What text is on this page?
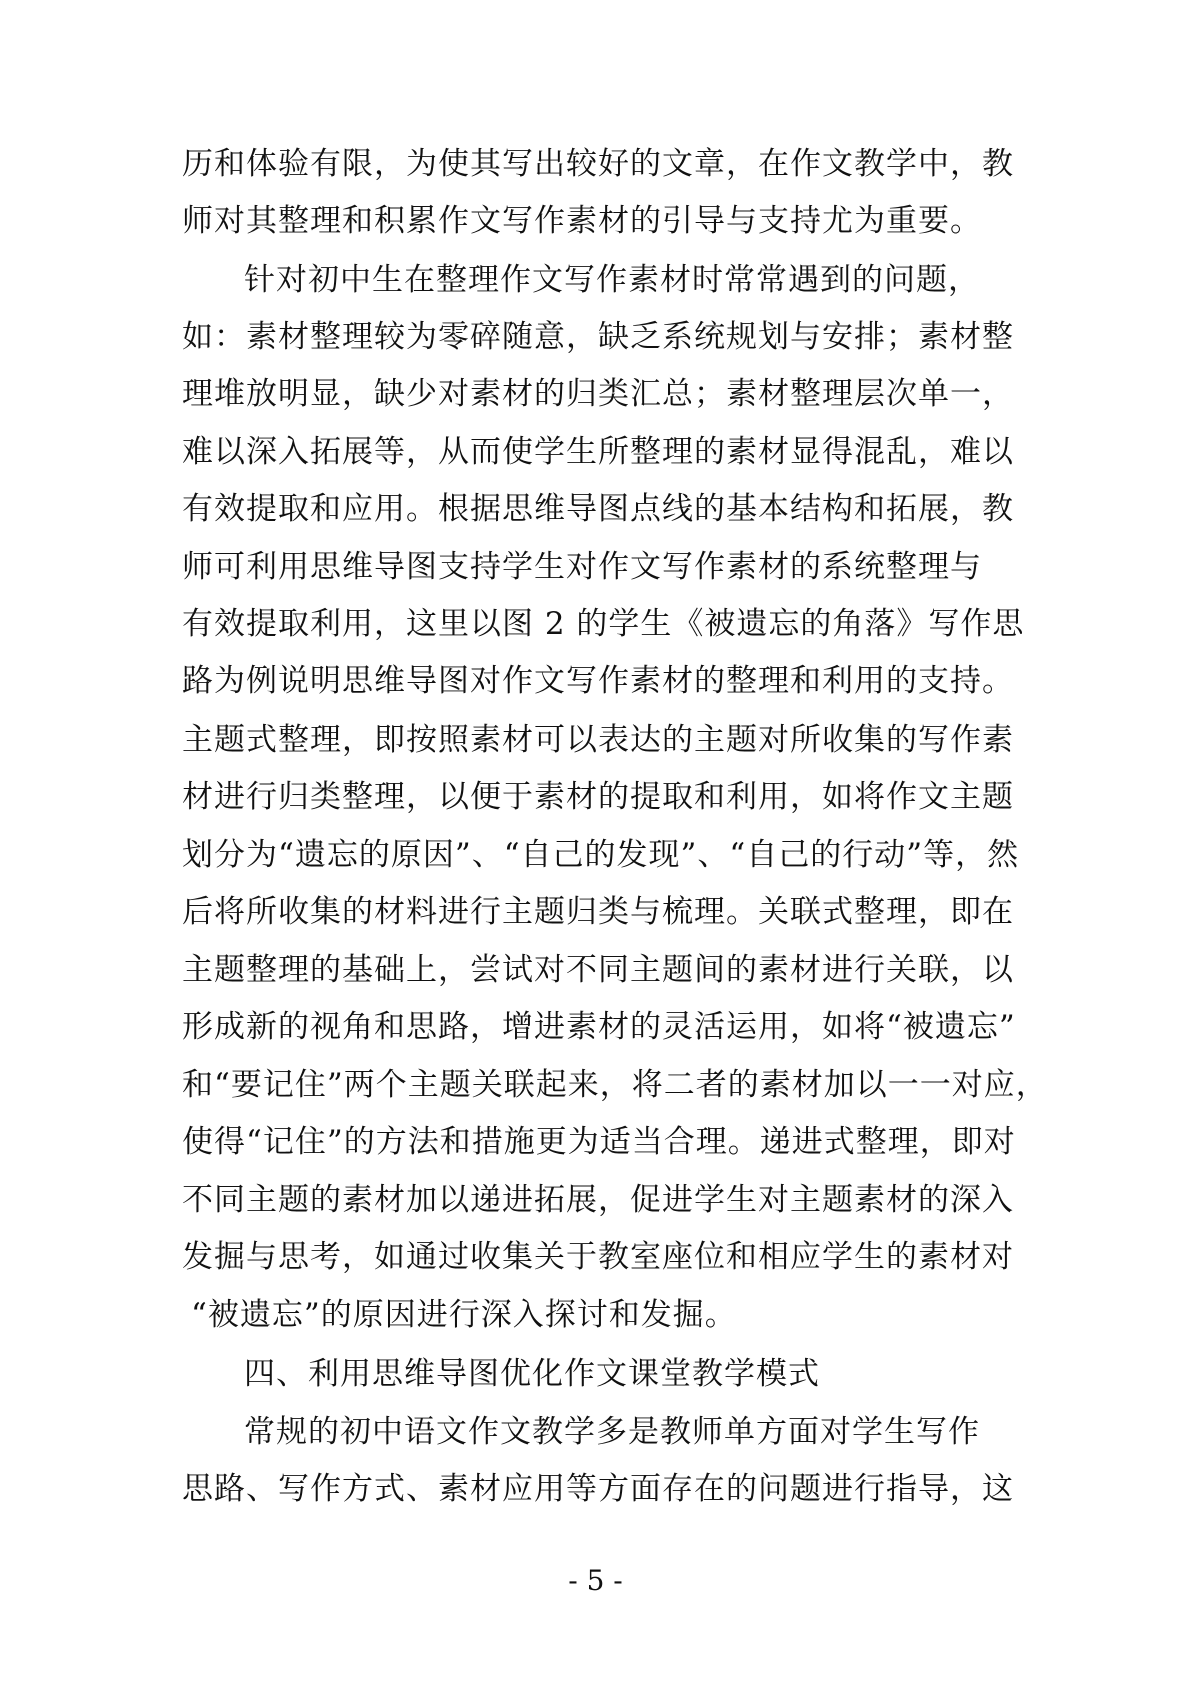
历和体验有限，为使其写出较好的文章，在作文教学中，教
师对其整理和积累作文写作素材的引导与支持尤为重要。
针对初中生在整理作文写作素材时常常遇到的问题，
如：素材整理较为零碎随意，缺乏系统规划与安排；素材整
理堆放明显，缺少对素材的归类汇总；素材整理层次单一，
难以深入拓展等，从而使学生所整理的素材显得混乱，难以
有效提取和应用。根据思维导图点线的基本结构和拓展，教
师可利用思维导图支持学生对作文写作素材的系统整理与
有效提取利用，这里以图 2 的学生《被遗忘的角落》写作思
路为例说明思维导图对作文写作素材的整理和利用的支持。
主题式整理，即按照素材可以表达的主题对所收集的写作素
材进行归类整理，以便于素材的提取和利用，如将作文主题
划分为“遗忘的原因”、“自己的发现”、“自己的行动”等，然
后将所收集的材料进行主题归类与梳理。关联式整理，即在
主题整理的基础上，尝试对不同主题间的素材进行关联，以
形成新的视角和思路，增进素材的灵活运用，如将“被遗忘”
和“要记住”两个主题关联起来，将二者的素材加以一一对应，
使得“记住”的方法和措施更为适当合理。递进式整理，即对
不同主题的素材加以递进拓展，促进学生对主题素材的深入
发掘与思考，如通过收集关于教室座位和相应学生的素材对
“被遗忘”的原因进行深入探讨和发掘。
四、利用思维导图优化作文课堂教学模式
常规的初中语文作文教学多是教师单方面对学生写作
思路、写作方式、素材应用等方面存在的问题进行指导，这
- 5 -
